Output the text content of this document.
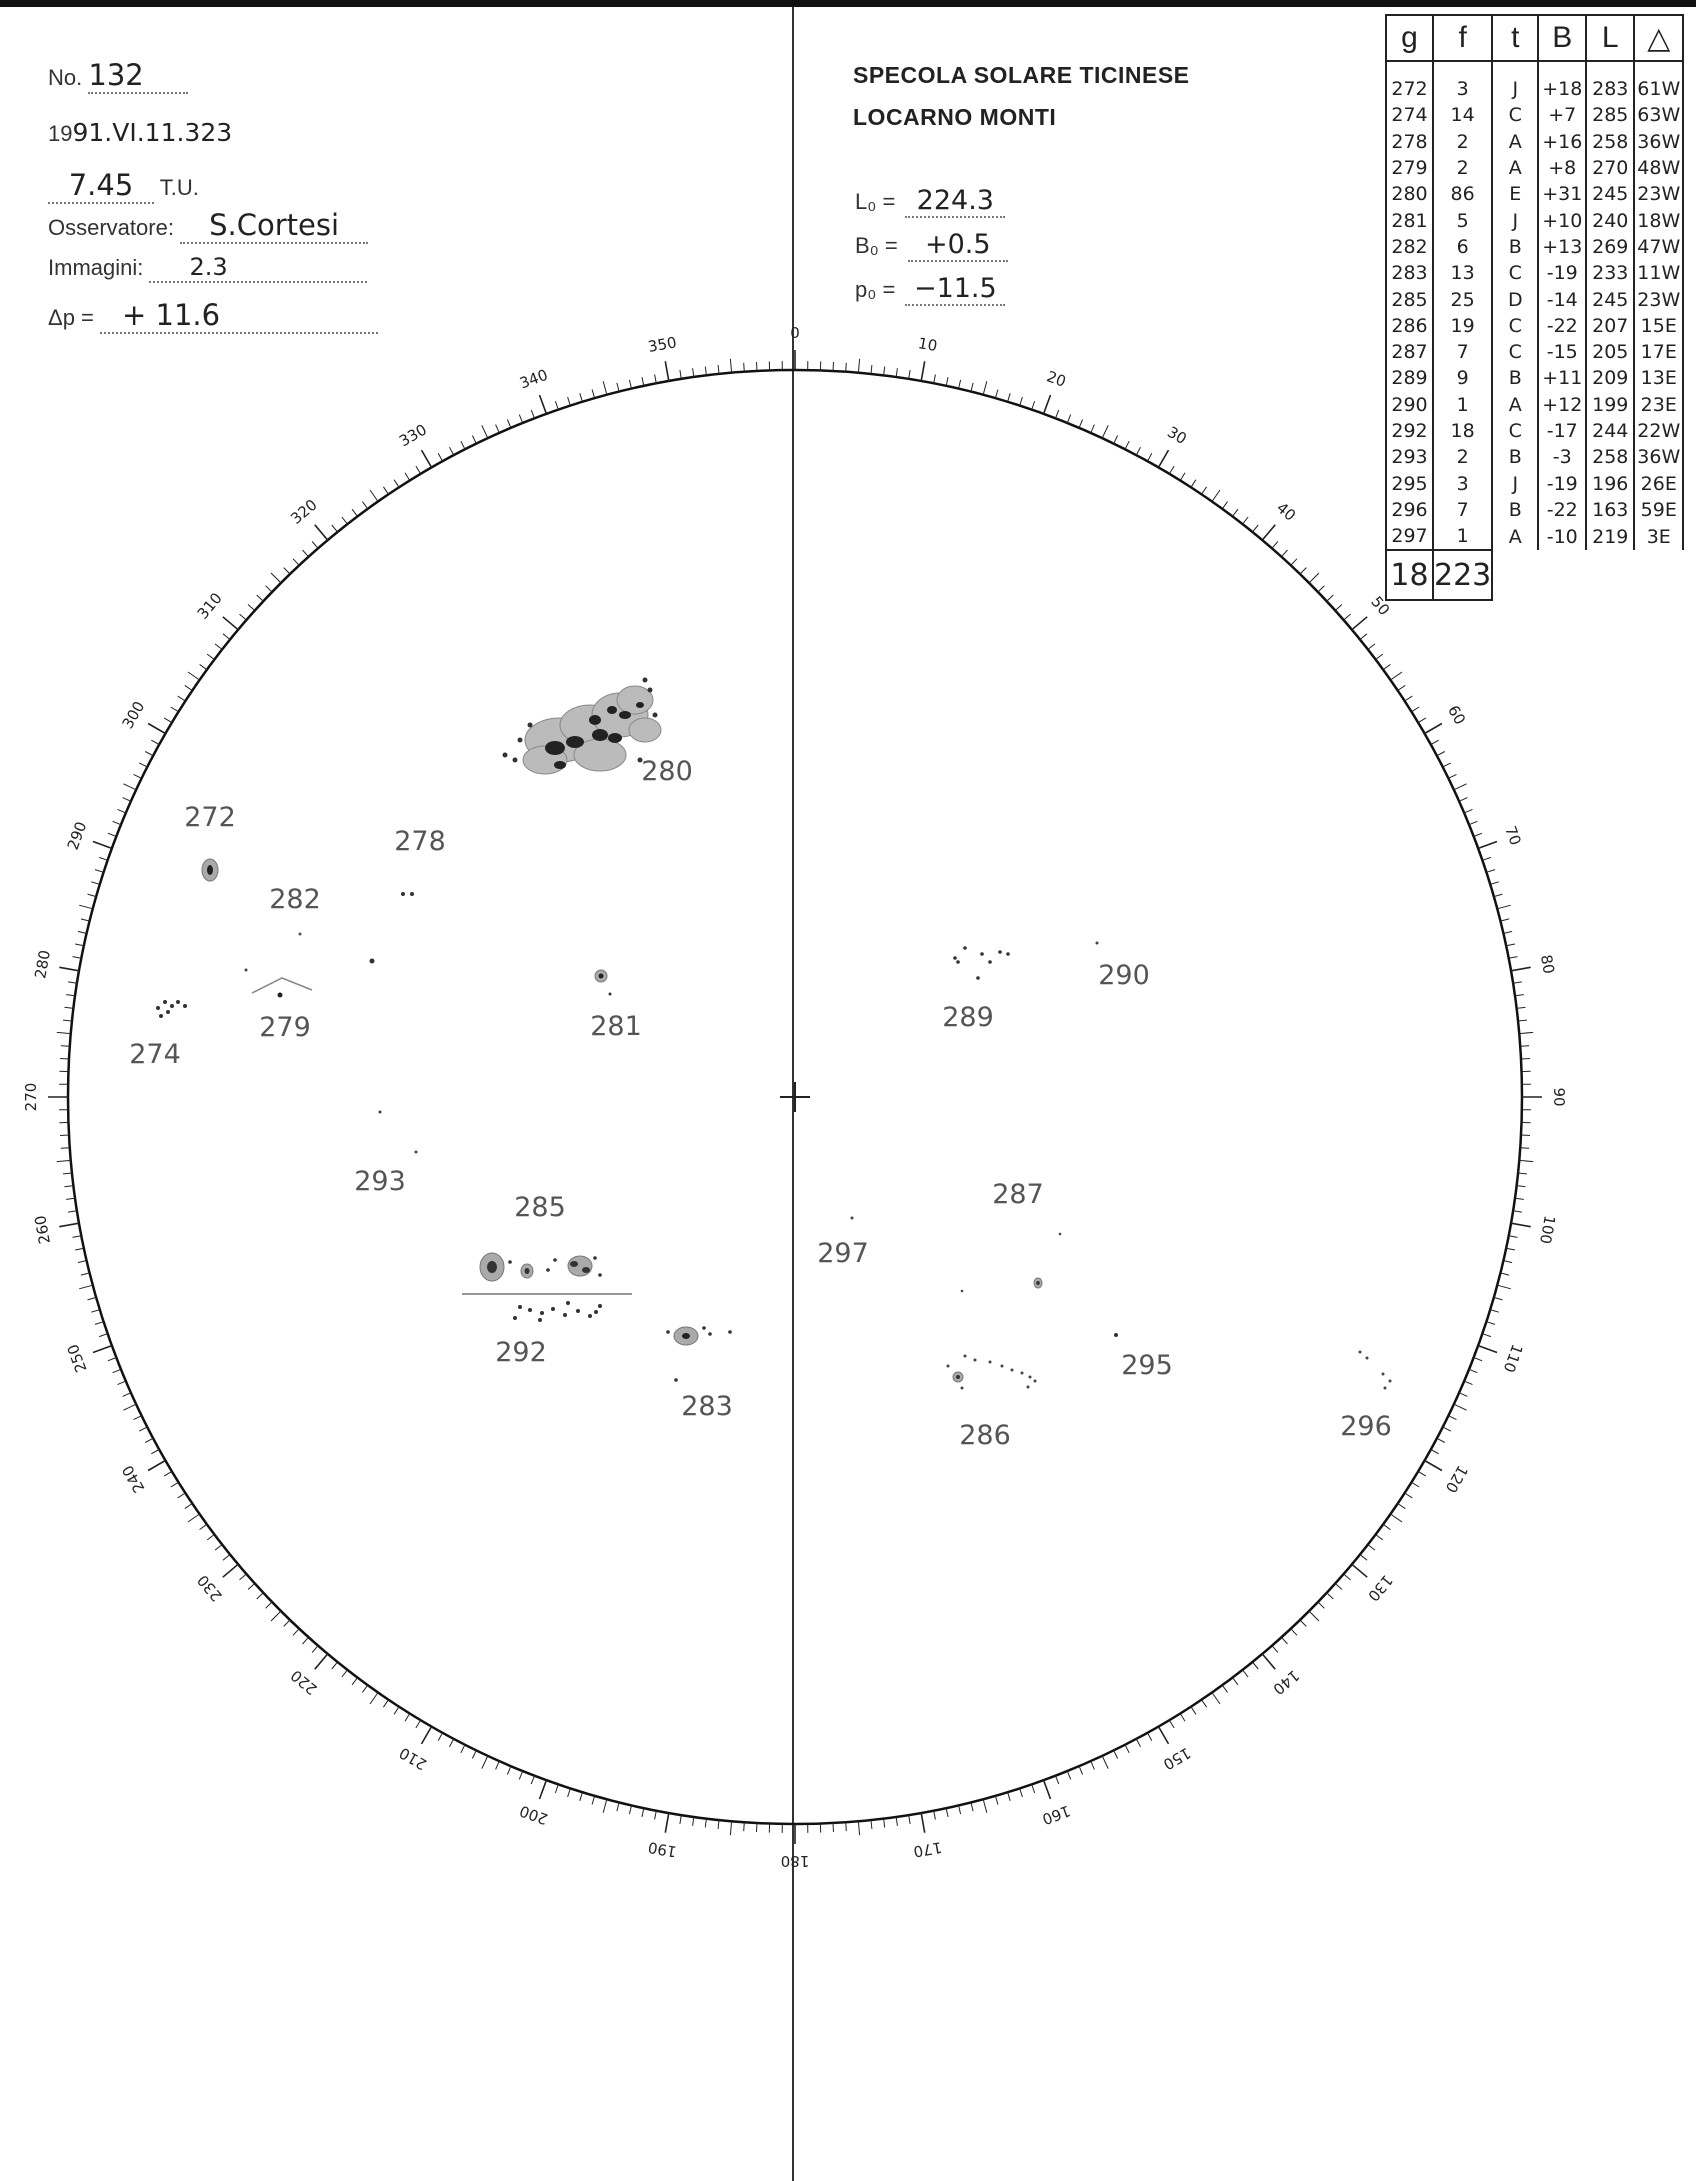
No. 132
1991.VI.11.323
7.45 T.U.
Osservatore: S.Cortesi
Immagini: 2.3
Δp = + 11.6
SPECOLA SOLARE TICINESE
LOCARNO MONTI
L₀ = 224.3
B₀ = +0.5
p₀ = −11.5
g	f	t	B	L	△
272	3	J	+18	283	61W
274	14	C	+7	285	63W
278	2	A	+16	258	36W
279	2	A	+8	270	48W
280	86	E	+31	245	23W
281	5	J	+10	240	18W
282	6	B	+13	269	47W
283	13	C	-19	233	11W
285	25	D	-14	245	23W
286	19	C	-22	207	15E
287	7	C	-15	205	17E
289	9	B	+11	209	13E
290	1	A	+12	199	23E
292	18	C	-17	244	22W
293	2	B	-3	258	36W
295	3	J	-19	196	26E
296	7	B	-22	163	59E
297	1	A	-10	219	3E
18	223				
0
10
20
30
40
50
60
70
80
90
100
110
120
130
140
150
160
170
180
190
200
210
220
230
240
250
260
270
280
290
300
310
320
330
340
350
272
274
278
279
280
281
282
283
285
286
287
289
290
292
293
295
296
297
